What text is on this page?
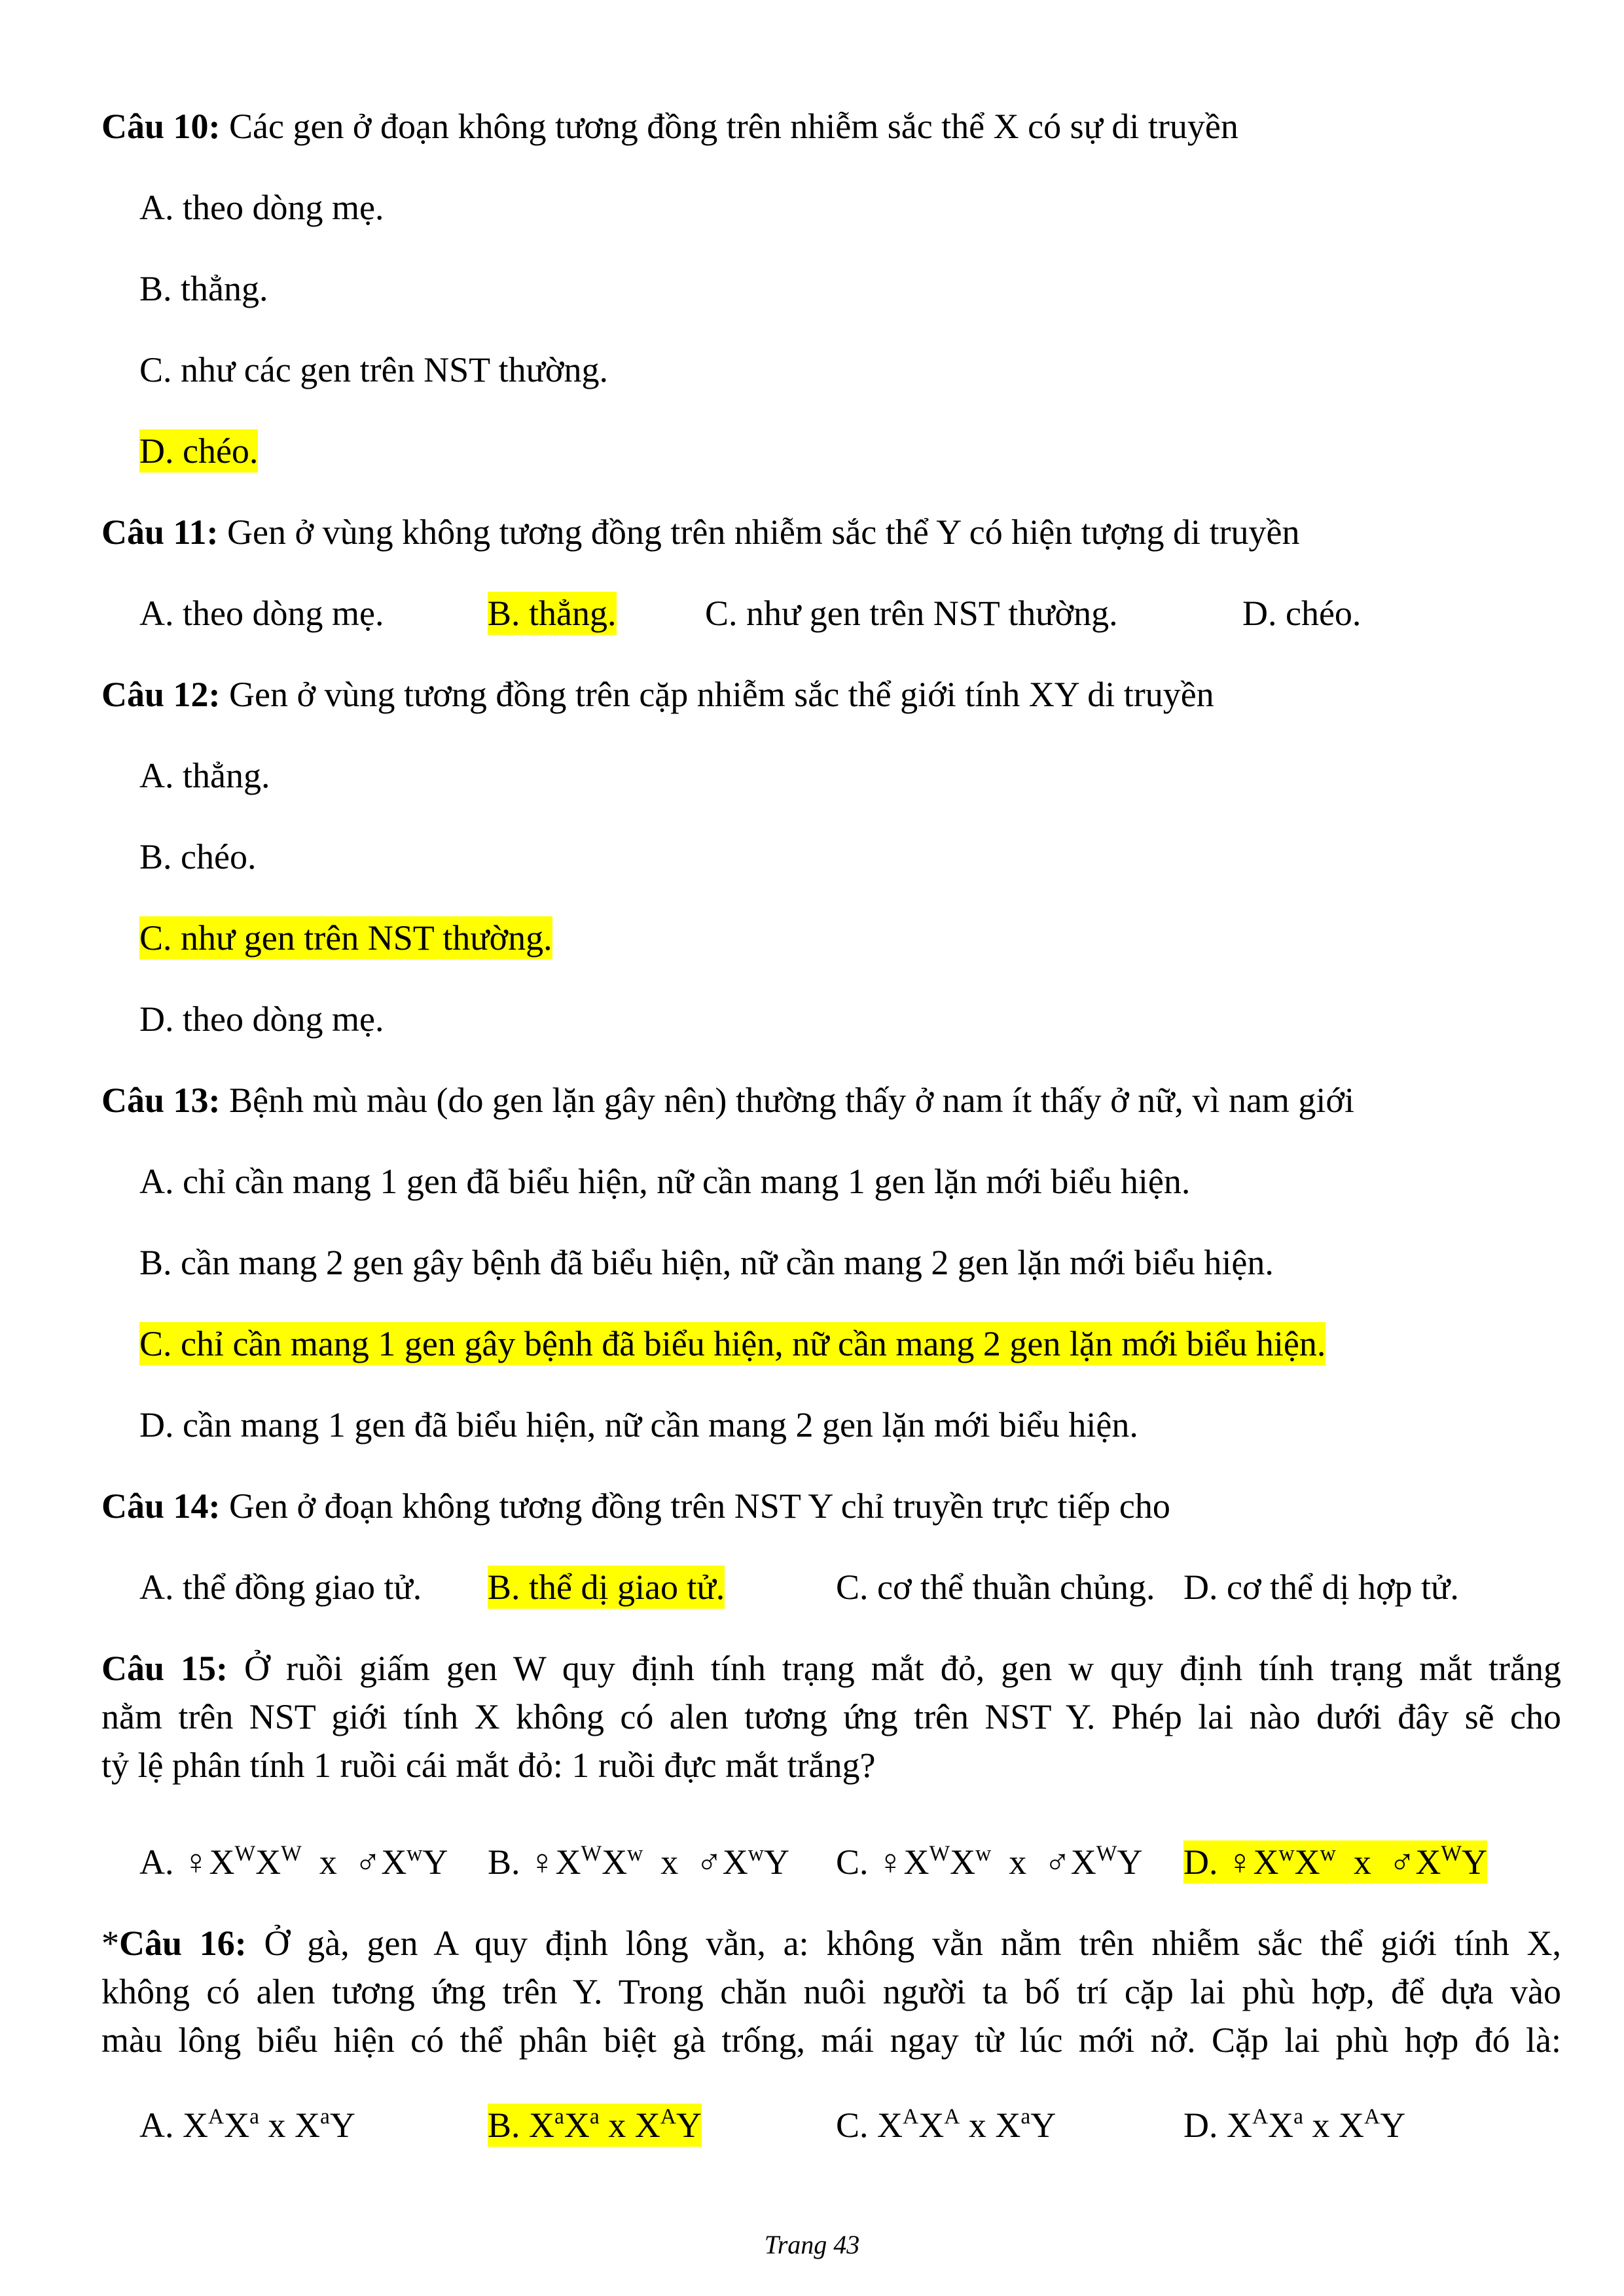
Câu 10: Các gen ở đoạn không tương đồng trên nhiễm sắc thể X có sự di truyền
A. theo dòng mẹ.
B. thẳng.
C. như các gen trên NST thường.
D. chéo.
Câu 11: Gen ở vùng không tương đồng trên nhiễm sắc thể Y có hiện tượng di truyền
A. theo dòng mẹ.	B. thẳng.	C. như gen trên NST thường.	D. chéo.
Câu 12: Gen ở vùng tương đồng trên cặp nhiễm sắc thể giới tính XY di truyền
A. thẳng.
B. chéo.
C. như gen trên NST thường.
D. theo dòng mẹ.
Câu 13: Bệnh mù màu (do gen lặn gây nên) thường thấy ở nam ít thấy ở nữ, vì nam giới
A. chỉ cần mang 1 gen đã biểu hiện, nữ cần mang 1 gen lặn mới biểu hiện.
B. cần mang 2 gen gây bệnh đã biểu hiện, nữ cần mang 2 gen lặn mới biểu hiện.
C. chỉ cần mang 1 gen gây bệnh đã biểu hiện, nữ cần mang 2 gen lặn mới biểu hiện.
D. cần mang 1 gen đã biểu hiện, nữ cần mang 2 gen lặn mới biểu hiện.
Câu 14: Gen ở đoạn không tương đồng trên NST Y chỉ truyền trực tiếp cho
A. thể đồng giao tử. B. thể dị giao tử.	C. cơ thể thuần chủng. D. cơ thể dị hợp tử.
Câu 15: Ở ruồi giấm gen W quy định tính trạng mắt đỏ, gen w quy định tính trạng mắt trắng
nằm trên NST giới tính X không có alen tương ứng trên NST Y. Phép lai nào dưới đây sẽ cho
tỷ lệ phân tính 1 ruồi cái mắt đỏ: 1 ruồi đực mắt trắng?
A. $♀X^WX^W$ x $♂X^wY$ B. $♀X^WX^w$ x $♂X^wY$ C. $♀X^WX^w$ x $♂X^WY$ D. $♀X^wX^w$ x $♂X^WY$
*Câu 16: Ở gà, gen A quy định lông vằn, a: không vằn nằm trên nhiễm sắc thể giới tính X,
không có alen tương ứng trên Y. Trong chăn nuôi người ta bố trí cặp lai phù hợp, để dựa vào
màu lông biểu hiện có thể phân biệt gà trống, mái ngay từ lúc mới nở. Cặp lai phù hợp đó là:
A. $X^AX^a$ x $X^aY$	B. $X^aX^a$ x $X^AY$	C. $X^AX^A$ x $X^aY$	D. $X^AX^a$ x $X^AY$
Trang 43
